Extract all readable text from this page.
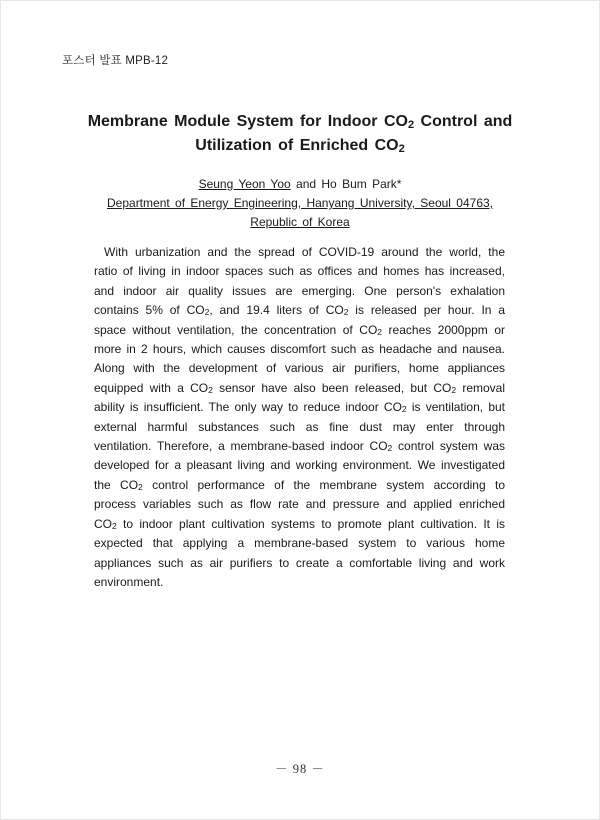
포스터 발표 MPB-12
Membrane Module System for Indoor $CO_2$ Control and
Utilization of Enriched $CO_2$
Seung Yeon Yoo and Ho Bum Park*
Department of Energy Engineering, Hanyang University, Seoul 04763,
Republic of Korea

With urbanization and the spread of COVID-19 around the world, the ratio of living in indoor spaces such as offices and homes has increased, and indoor air quality issues are emerging. One person's exhalation contains 5% of $CO_2$, and 19.4 liters of $CO_2$ is released per hour. In a space without ventilation, the concentration of $CO_2$ reaches 2000ppm or more in 2 hours, which causes discomfort such as headache and nausea. Along with the development of various air purifiers, home appliances equipped with a $CO_2$ sensor have also been released, but $CO_2$ removal ability is insufficient. The only way to reduce indoor $CO_2$ is ventilation, but external harmful substances such as fine dust may enter through ventilation. Therefore, a membrane-based indoor $CO_2$ control system was developed for a pleasant living and working environment. We investigated the $CO_2$ control performance of the membrane system according to process variables such as flow rate and pressure and applied enriched $CO_2$ to indoor plant cultivation systems to promote plant cultivation. It is expected that applying a membrane-based system to various home appliances such as air purifiers to create a comfortable living and work environment.

－ 98 －
